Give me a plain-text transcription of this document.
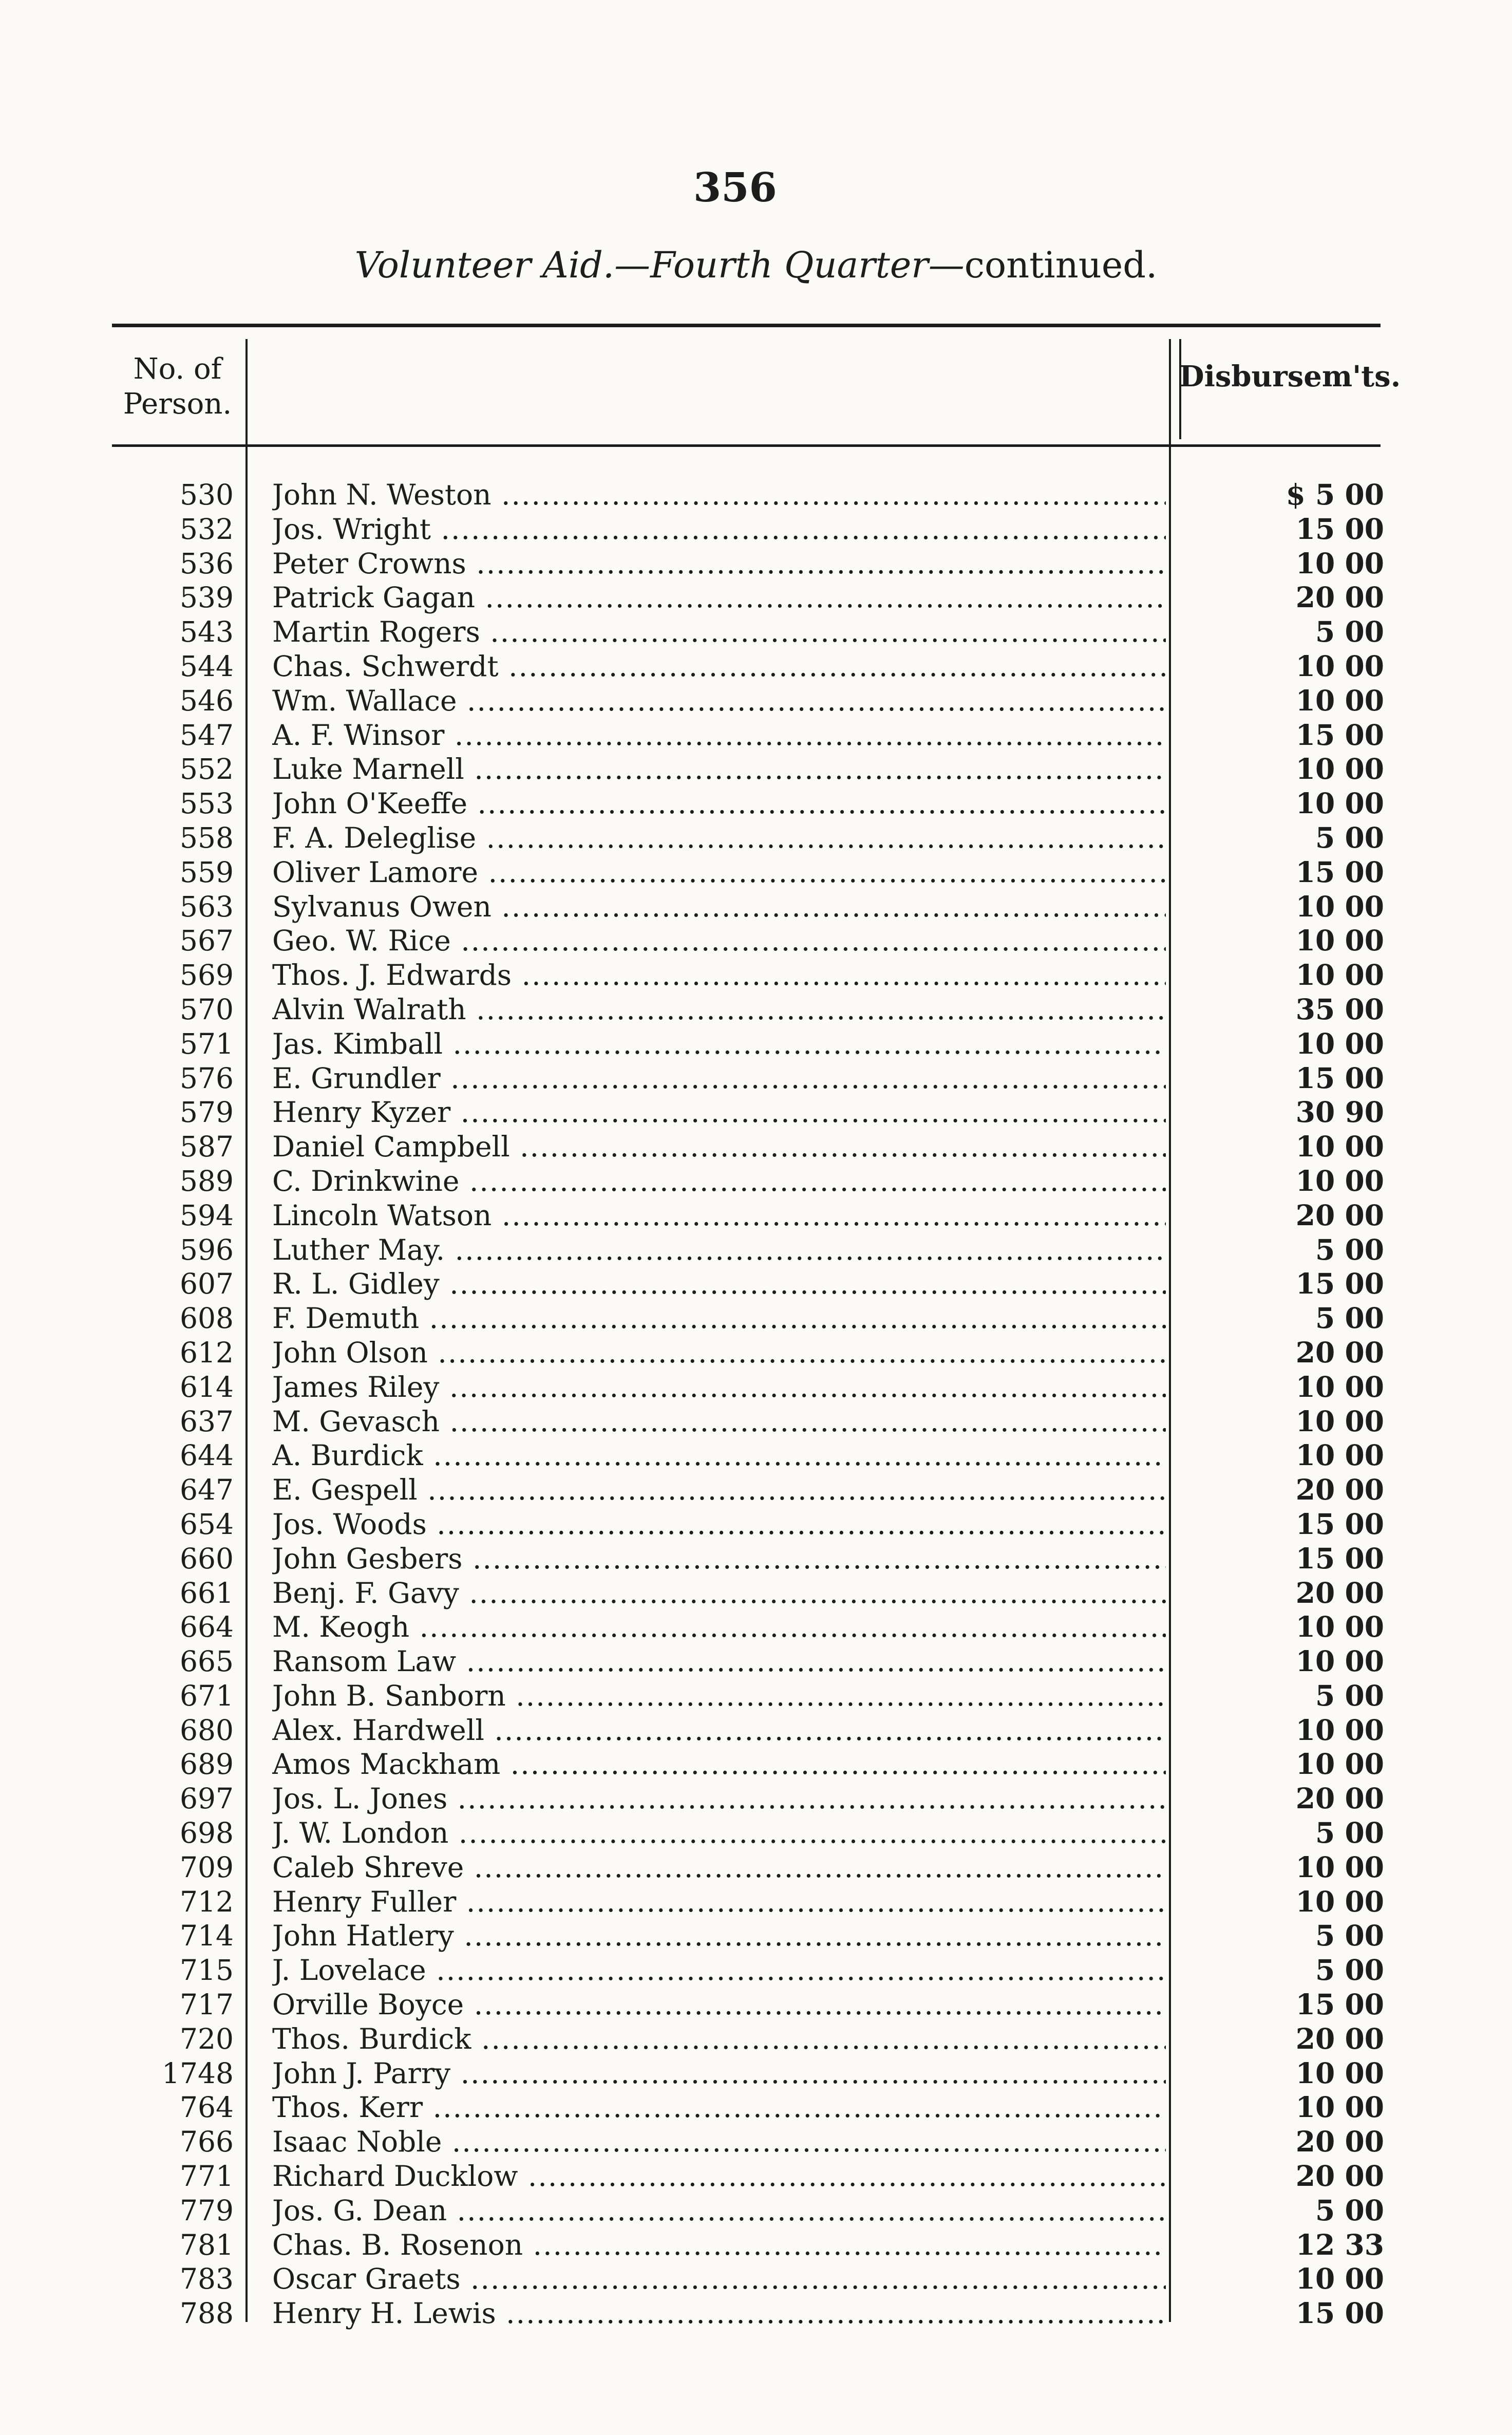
356
Volunteer Aid.—Fourth Quarter—continued.
No. of
Person.
Disbursem'ts.
530 John N. Weston .....	$ 5 00
532 Jos. Wright .....	15 00
536 Peter Crowns .....	10 00
539 Patrick Gagan .....	20 00
543 Martin Rogers .....	5 00
544 Chas. Schwerdt .....	10 00
546 Wm. Wallace .....	10 00
547 A. F. Winsor .....	15 00
552 Luke Marnell .....	10 00
553 John O'Keeffe .....	10 00
558 F. A. Deleglise .....	5 00
559 Oliver Lamore .....	15 00
563 Sylvanus Owen .....	10 00
567 Geo. W. Rice .....	10 00
569 Thos. J. Edwards .....	10 00
570 Alvin Walrath .....	35 00
571 Jas. Kimball .....	10 00
576 E. Grundler .....	15 00
579 Henry Kyzer .....	30 90
587 Daniel Campbell .....	10 00
589 C. Drinkwine .....	10 00
594 Lincoln Watson .....	20 00
596 Luther May. .....	5 00
607 R. L. Gidley .....	15 00
608 F. Demuth .....	5 00
612 John Olson .....	20 00
614 James Riley .....	10 00
637 M. Gevasch .....	10 00
644 A. Burdick .....	10 00
647 E. Gespell .....	20 00
654 Jos. Woods .....	15 00
660 John Gesbers .....	15 00
661 Benj. F. Gavy .....	20 00
664 M. Keogh .....	10 00
665 Ransom Law .....	10 00
671 John B. Sanborn .....	5 00
680 Alex. Hardwell .....	10 00
689 Amos Mackham .....	10 00
697 Jos. L. Jones .....	20 00
698 J. W. London .....	5 00
709 Caleb Shreve .....	10 00
712 Henry Fuller .....	10 00
714 John Hatlery .....	5 00
715 J. Lovelace .....	5 00
717 Orville Boyce .....	15 00
720 Thos. Burdick .....	20 00
1748 John J. Parry .....	10 00
764 Thos. Kerr .....	10 00
766 Isaac Noble .....	20 00
771 Richard Ducklow .....	20 00
779 Jos. G. Dean .....	5 00
781 Chas. B. Rosenon .....	12 33
783 Oscar Graets .....	10 00
788 Henry H. Lewis .....	15 00
